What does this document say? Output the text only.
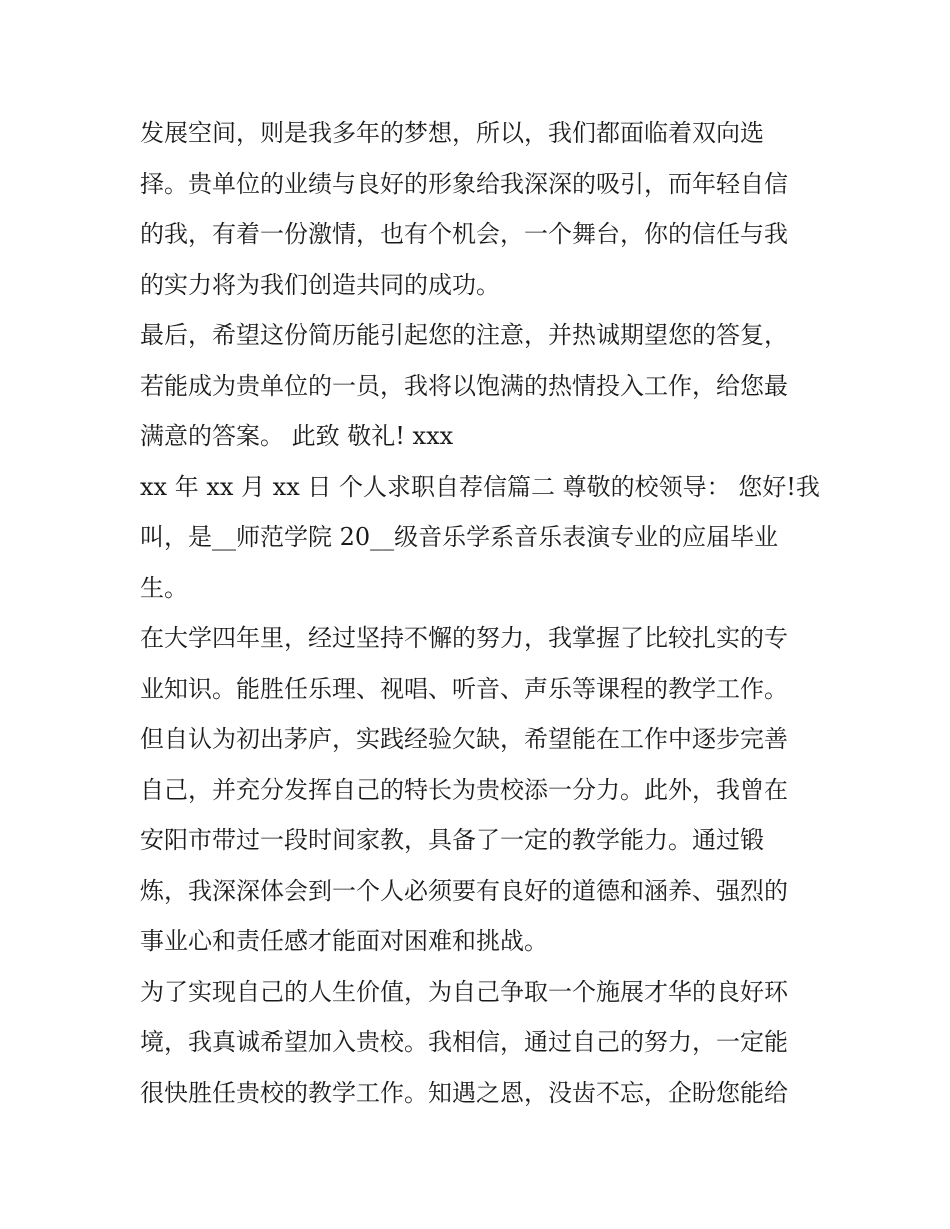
发展空间，则是我多年的梦想，所以，我们都面临着双向选
择。贵单位的业绩与良好的形象给我深深的吸引，而年轻自信
的我，有着一份激情，也有个机会，一个舞台，你的信任与我
的实力将为我们创造共同的成功。
最后，希望这份简历能引起您的注意，并热诚期望您的答复，
若能成为贵单位的一员，我将以饱满的热情投入工作，给您最
满意的答案。 此致 敬礼! xxx
xx 年 xx 月 xx 日 个人求职自荐信篇二 尊敬的校领导： 您好!我
叫，是__师范学院 20__级音乐学系音乐表演专业的应届毕业
生。
在大学四年里，经过坚持不懈的努力，我掌握了比较扎实的专
业知识。能胜任乐理、视唱、听音、声乐等课程的教学工作。
但自认为初出茅庐，实践经验欠缺，希望能在工作中逐步完善
自己，并充分发挥自己的特长为贵校添一分力。此外，我曾在
安阳市带过一段时间家教，具备了一定的教学能力。通过锻
炼，我深深体会到一个人必须要有良好的道德和涵养、强烈的
事业心和责任感才能面对困难和挑战。
为了实现自己的人生价值，为自己争取一个施展才华的良好环
境，我真诚希望加入贵校。我相信，通过自己的努力，一定能
很快胜任贵校的教学工作。知遇之恩，没齿不忘，企盼您能给
